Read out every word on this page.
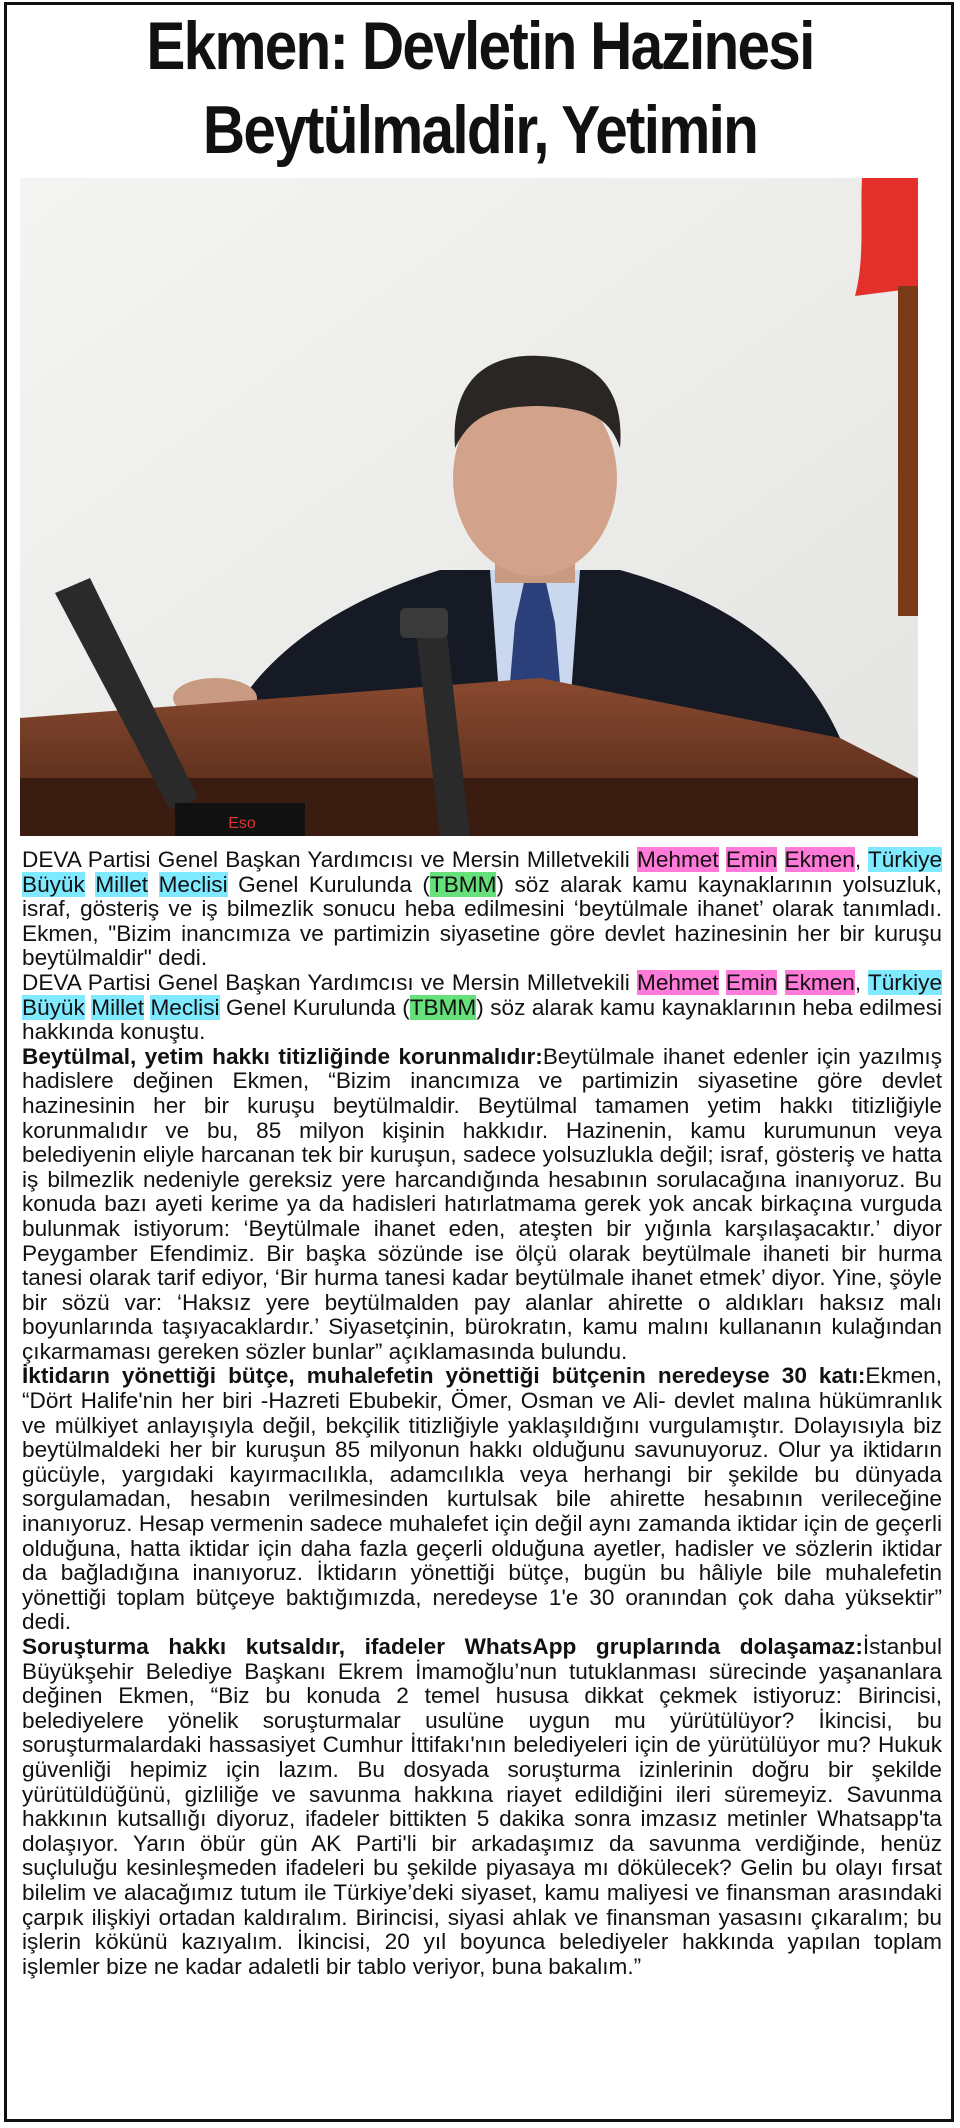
Ekmen: Devletin Hazinesi
Beytülmaldir, Yetimin
Eso

DEVA Partisi Genel Başkan Yardımcısı ve Mersin Milletvekili Mehmet Emin Ekmen, Türkiye Büyük Millet Meclisi Genel Kurulunda (TBMM) söz alarak kamu kaynaklarının yolsuzluk, israf, gösteriş ve iş bilmezlik sonucu heba edilmesini ‘beytülmale ihanet’ olarak tanımladı. Ekmen, "Bizim inancımıza ve partimizin siyasetine göre devlet hazinesinin her bir kuruşu beytülmaldir" dedi.

DEVA Partisi Genel Başkan Yardımcısı ve Mersin Milletvekili Mehmet Emin Ekmen, Türkiye Büyük Millet Meclisi Genel Kurulunda (TBMM) söz alarak kamu kaynaklarının heba edilmesi hakkında konuştu.

Beytülmal, yetim hakkı titizliğinde korunmalıdır:Beytülmale ihanet edenler için yazılmış hadislere değinen Ekmen, “Bizim inancımıza ve partimizin siyasetine göre devlet hazinesinin her bir kuruşu beytülmaldir. Beytülmal tamamen yetim hakkı titizliğiyle korunmalıdır ve bu, 85 milyon kişinin hakkıdır. Hazinenin, kamu kurumunun veya belediyenin eliyle harcanan tek bir kuruşun, sadece yolsuzlukla değil; israf, gösteriş ve hatta iş bilmezlik nedeniyle gereksiz yere harcandığında hesabının sorulacağına inanıyoruz. Bu konuda bazı ayeti kerime ya da hadisleri hatırlatmama gerek yok ancak birkaçına vurguda bulunmak istiyorum: ‘Beytülmale ihanet eden, ateşten bir yığınla karşılaşacaktır.’ diyor Peygamber Efendimiz. Bir başka sözünde ise ölçü olarak beytülmale ihaneti bir hurma tanesi olarak tarif ediyor, ‘Bir hurma tanesi kadar beytülmale ihanet etmek’ diyor. Yine, şöyle bir sözü var: ‘Haksız yere beytülmalden pay alanlar ahirette o aldıkları haksız malı boyunlarında taşıyacaklardır.’ Siyasetçinin, bürokratın, kamu malını kullananın kulağından çıkarmaması gereken sözler bunlar” açıklamasında bulundu.

İktidarın yönettiği bütçe, muhalefetin yönettiği bütçenin neredeyse 30 katı:Ekmen, “Dört Halife'nin her biri -Hazreti Ebubekir, Ömer, Osman ve Ali- devlet malına hükümranlık ve mülkiyet anlayışıyla değil, bekçilik titizliğiyle yaklaşıldığını vurgulamıştır. Dolayısıyla biz beytülmaldeki her bir kuruşun 85 milyonun hakkı olduğunu savunuyoruz. Olur ya iktidarın gücüyle, yargıdaki kayırmacılıkla, adamcılıkla veya herhangi bir şekilde bu dünyada sorgulamadan, hesabın verilmesinden kurtulsak bile ahirette hesabının verileceğine inanıyoruz. Hesap vermenin sadece muhalefet için değil aynı zamanda iktidar için de geçerli olduğuna, hatta iktidar için daha fazla geçerli olduğuna ayetler, hadisler ve sözlerin iktidar da bağladığına inanıyoruz. İktidarın yönettiği bütçe, bugün bu hâliyle bile muhalefetin yönettiği toplam bütçeye baktığımızda, neredeyse 1'e 30 oranından çok daha yüksektir” dedi.

Soruşturma hakkı kutsaldır, ifadeler WhatsApp gruplarında dolaşamaz:İstanbul Büyükşehir Belediye Başkanı Ekrem İmamoğlu’nun tutuklanması sürecinde yaşananlara değinen Ekmen, “Biz bu konuda 2 temel hususa dikkat çekmek istiyoruz: Birincisi, belediyelere yönelik soruşturmalar usulüne uygun mu yürütülüyor? İkincisi, bu soruşturmalardaki hassasiyet Cumhur İttifakı'nın belediyeleri için de yürütülüyor mu? Hukuk güvenliği hepimiz için lazım. Bu dosyada soruşturma izinlerinin doğru bir şekilde yürütüldüğünü, gizliliğe ve savunma hakkına riayet edildiğini ileri süremeyiz. Savunma hakkının kutsallığı diyoruz, ifadeler bittikten 5 dakika sonra imzasız metinler Whatsapp'ta dolaşıyor. Yarın öbür gün AK Parti'li bir arkadaşımız da savunma verdiğinde, henüz suçluluğu kesinleşmeden ifadeleri bu şekilde piyasaya mı dökülecek? Gelin bu olayı fırsat bilelim ve alacağımız tutum ile Türkiye’deki siyaset, kamu maliyesi ve finansman arasındaki çarpık ilişkiyi ortadan kaldıralım. Birincisi, siyasi ahlak ve finansman yasasını çıkaralım; bu işlerin kökünü kazıyalım. İkincisi, 20 yıl boyunca belediyeler hakkında yapılan toplam işlemler bize ne kadar adaletli bir tablo veriyor, buna bakalım.”
